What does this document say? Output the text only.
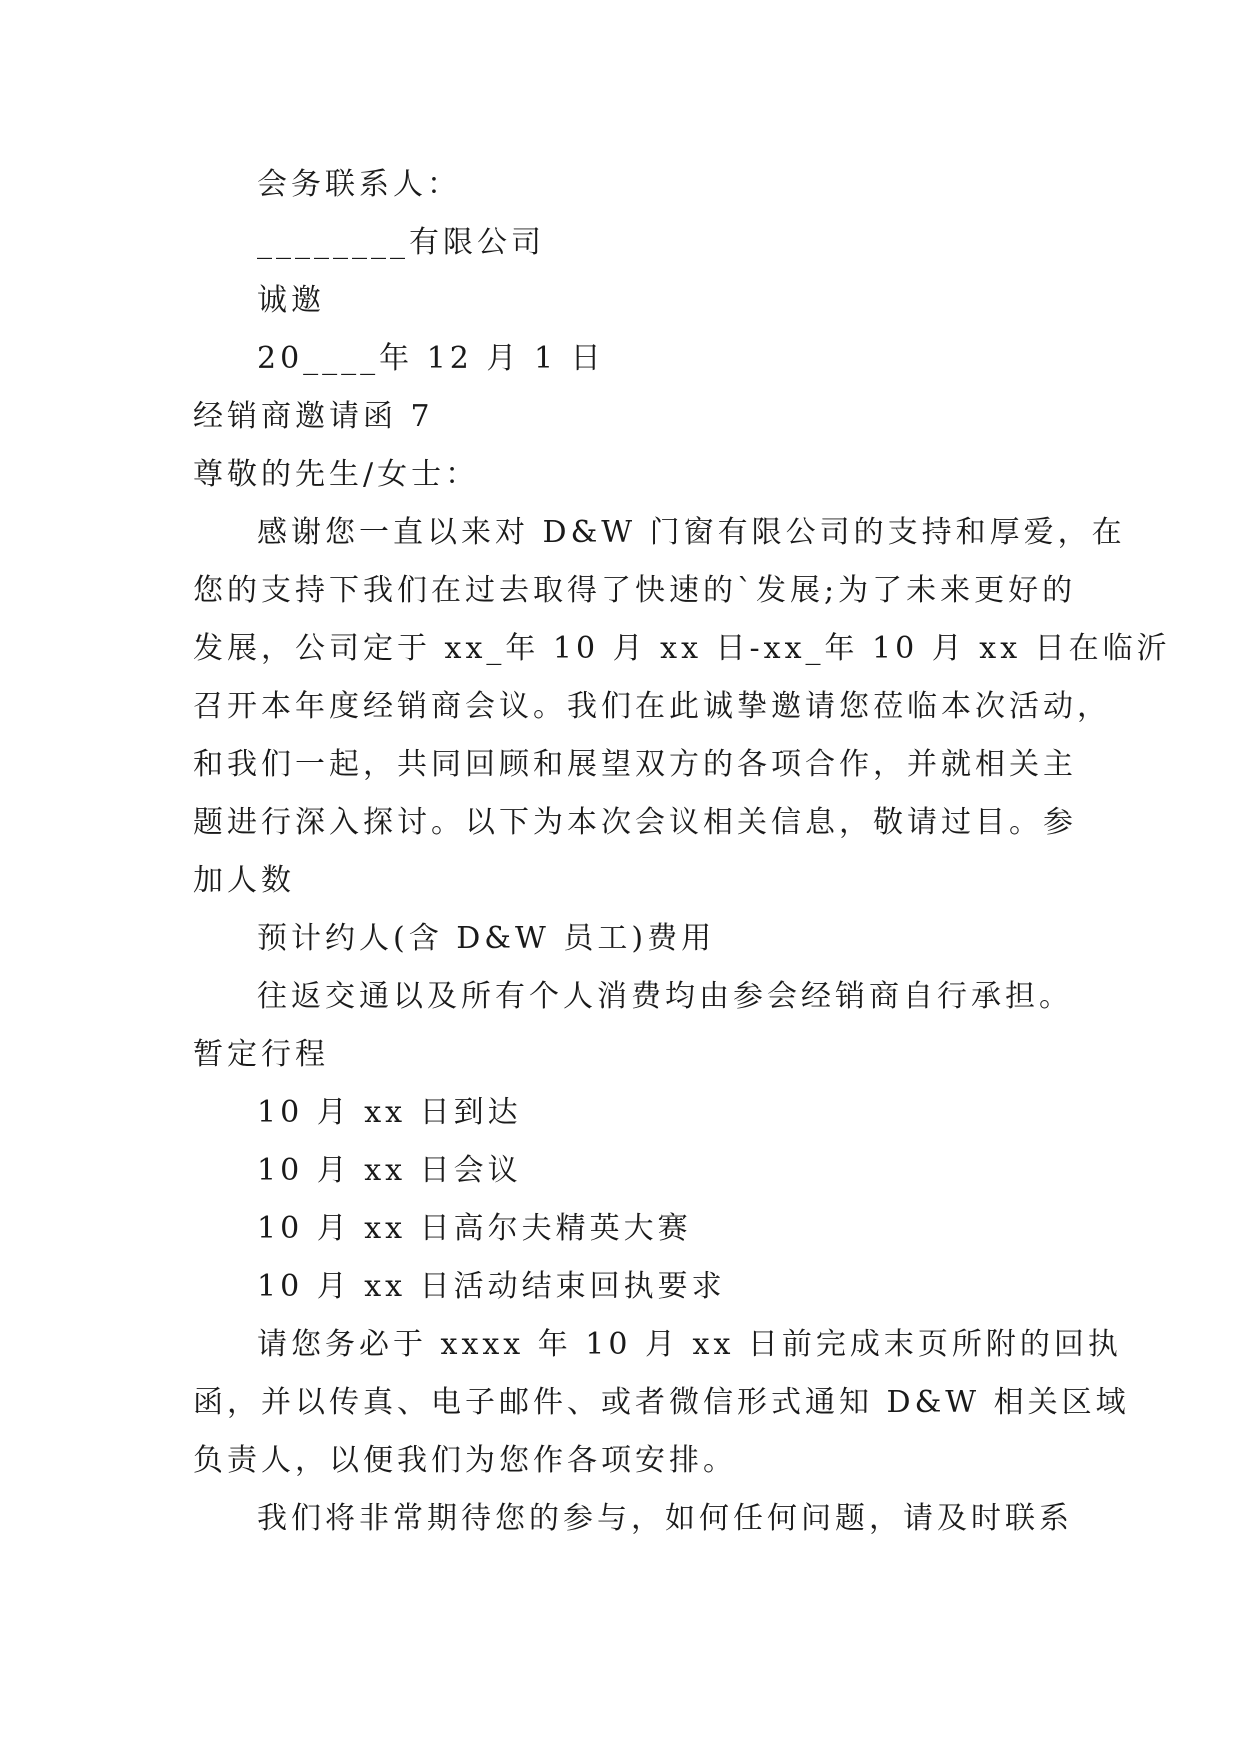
会务联系人：
________有限公司
诚邀
20____年 12 月 1 日
经销商邀请函 7
尊敬的先生/女士：
感谢您一直以来对 D&W 门窗有限公司的支持和厚爱，在
您的支持下我们在过去取得了快速的`发展;为了未来更好的
发展，公司定于 xx_年 10 月 xx 日-xx_年 10 月 xx 日在临沂
召开本年度经销商会议。我们在此诚挚邀请您莅临本次活动，
和我们一起，共同回顾和展望双方的各项合作，并就相关主
题进行深入探讨。以下为本次会议相关信息，敬请过目。参
加人数
预计约人(含 D&W 员工)费用
往返交通以及所有个人消费均由参会经销商自行承担。
暂定行程
10 月 xx 日到达
10 月 xx 日会议
10 月 xx 日高尔夫精英大赛
10 月 xx 日活动结束回执要求
请您务必于 xxxx 年 10 月 xx 日前完成末页所附的回执
函，并以传真、电子邮件、或者微信形式通知 D&W 相关区域
负责人，以便我们为您作各项安排。
我们将非常期待您的参与，如何任何问题，请及时联系
